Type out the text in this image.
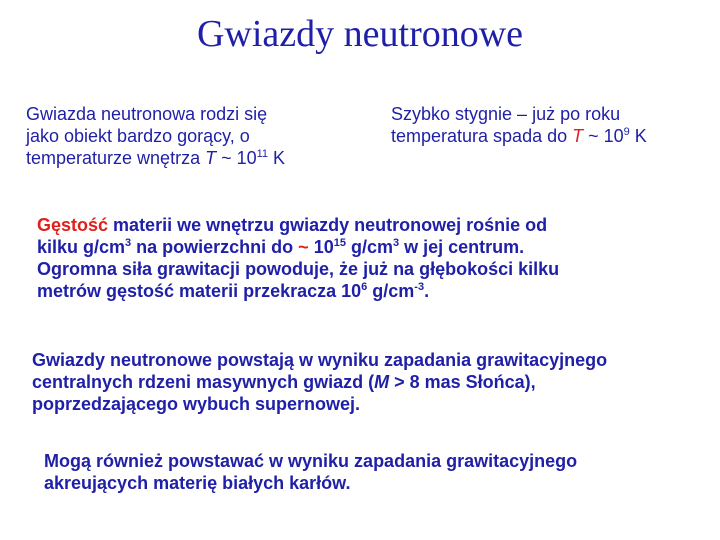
Gwiazdy neutronowe
Gwiazda neutronowa rodzi się
jako obiekt bardzo gorący, o
temperaturze wnętrza T ~ $10^{11}$ K
Szybko stygnie – już po roku
temperatura spada do T ~ $10^9$ K
Gęstość materii we wnętrzu gwiazdy neutronowej rośnie od
kilku $g/cm^3$ na powierzchni do ~ $10^{15}$ $g/cm^3$ w jej centrum.
Ogromna siła grawitacji powoduje, że już na głębokości kilku
metrów gęstość materii przekracza $10^6$ $g/cm^{-3}$.
Gwiazdy neutronowe powstają w wyniku zapadania grawitacyjnego
centralnych rdzeni masywnych gwiazd (M > 8 mas Słońca),
poprzedzającego wybuch supernowej.
Mogą również powstawać w wyniku zapadania grawitacyjnego
akreujących materię białych karłów.
